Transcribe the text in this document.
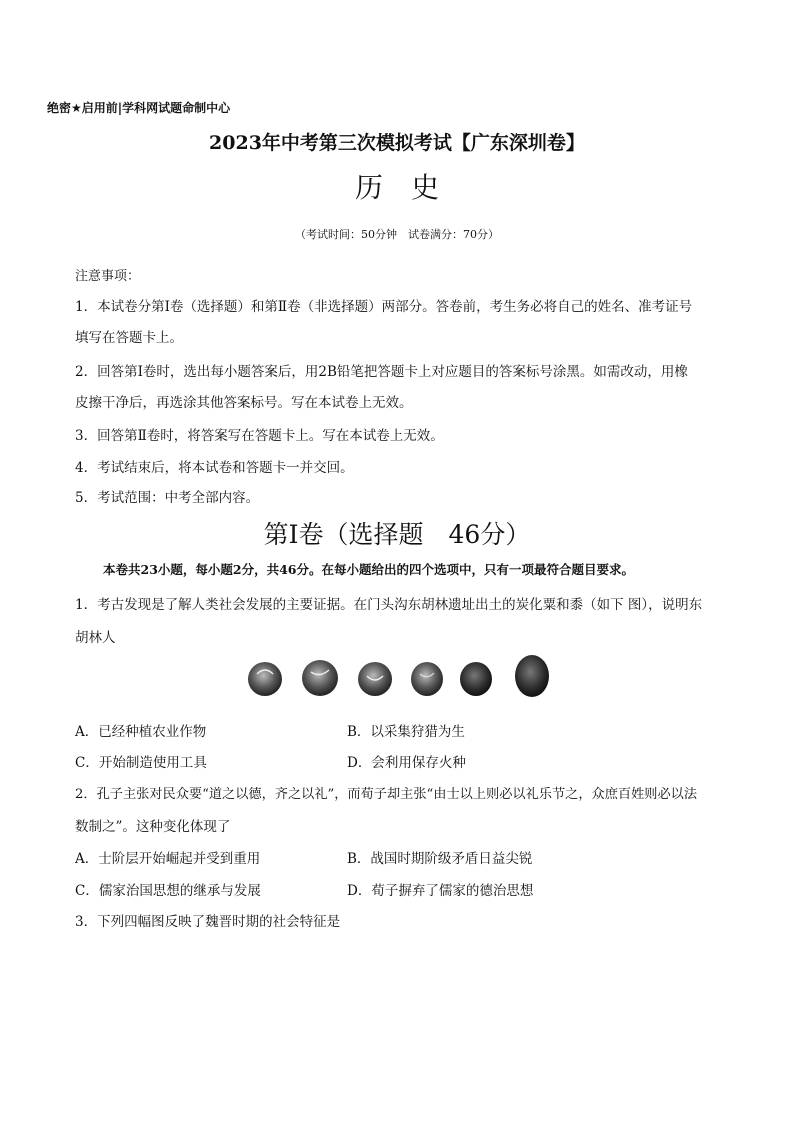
绝密★启用前|学科网试题命制中心
2023年中考第三次模拟考试【广东深圳卷】
历史
（考试时间：50分钟　试卷满分：70分）
注意事项：
1．本试卷分第Ⅰ卷（选择题）和第Ⅱ卷（非选择题）两部分。答卷前，考生务必将自己的姓名、准考证号
填写在答题卡上。
2．回答第Ⅰ卷时，选出每小题答案后，用2B铅笔把答题卡上对应题目的答案标号涂黑。如需改动，用橡
皮擦干净后，再选涂其他答案标号。写在本试卷上无效。
3．回答第Ⅱ卷时，将答案写在答题卡上。写在本试卷上无效。
4．考试结束后，将本试卷和答题卡一并交回。
5．考试范围：中考全部内容。
第Ⅰ卷（选择题　46分）
本卷共23小题，每小题2分，共46分。在每小题给出的四个选项中，只有一项最符合题目要求。
1．考古发现是了解人类社会发展的主要证据。在门头沟东胡林遗址出土的炭化粟和黍（如下 图），说明东
胡林人
A．已经种植农业作物	B．以采集狩猎为生
C．开始制造使用工具	D．会利用保存火种
2．孔子主张对民众要“道之以德，齐之以礼”，而荀子却主张“由士以上则必以礼乐节之，众庶百姓则必以法
数制之”。这种变化体现了
A．士阶层开始崛起并受到重用	B．战国时期阶级矛盾日益尖锐
C．儒家治国思想的继承与发展	D．荀子摒弃了儒家的德治思想
3．下列四幅图反映了魏晋时期的社会特征是
